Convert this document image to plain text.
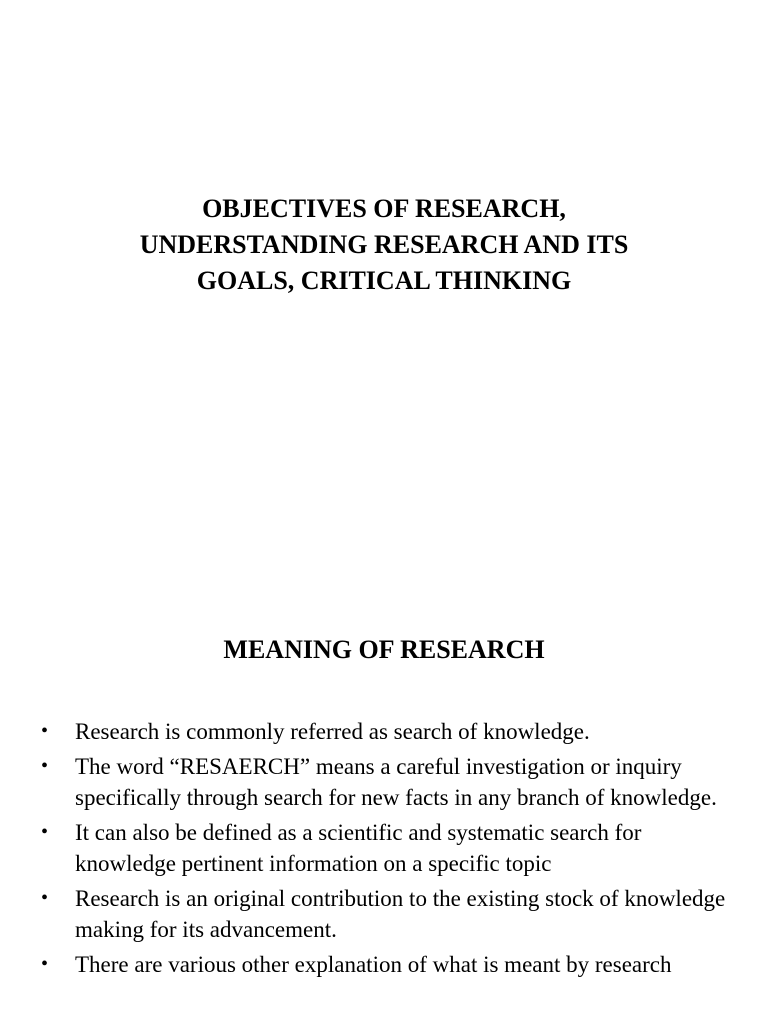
OBJECTIVES OF RESEARCH,
UNDERSTANDING RESEARCH AND ITS
GOALS, CRITICAL THINKING
MEANING OF RESEARCH
• Research is commonly referred as search of knowledge.
• The word “RESAERCH” means a careful investigation or inquiry specifically through search for new facts in any branch of knowledge.
• It can also be defined as a scientific and systematic search for knowledge pertinent information on a specific topic
• Research is an original contribution to the existing stock of knowledge making for its advancement.
• There are various other explanation of what is meant by research
